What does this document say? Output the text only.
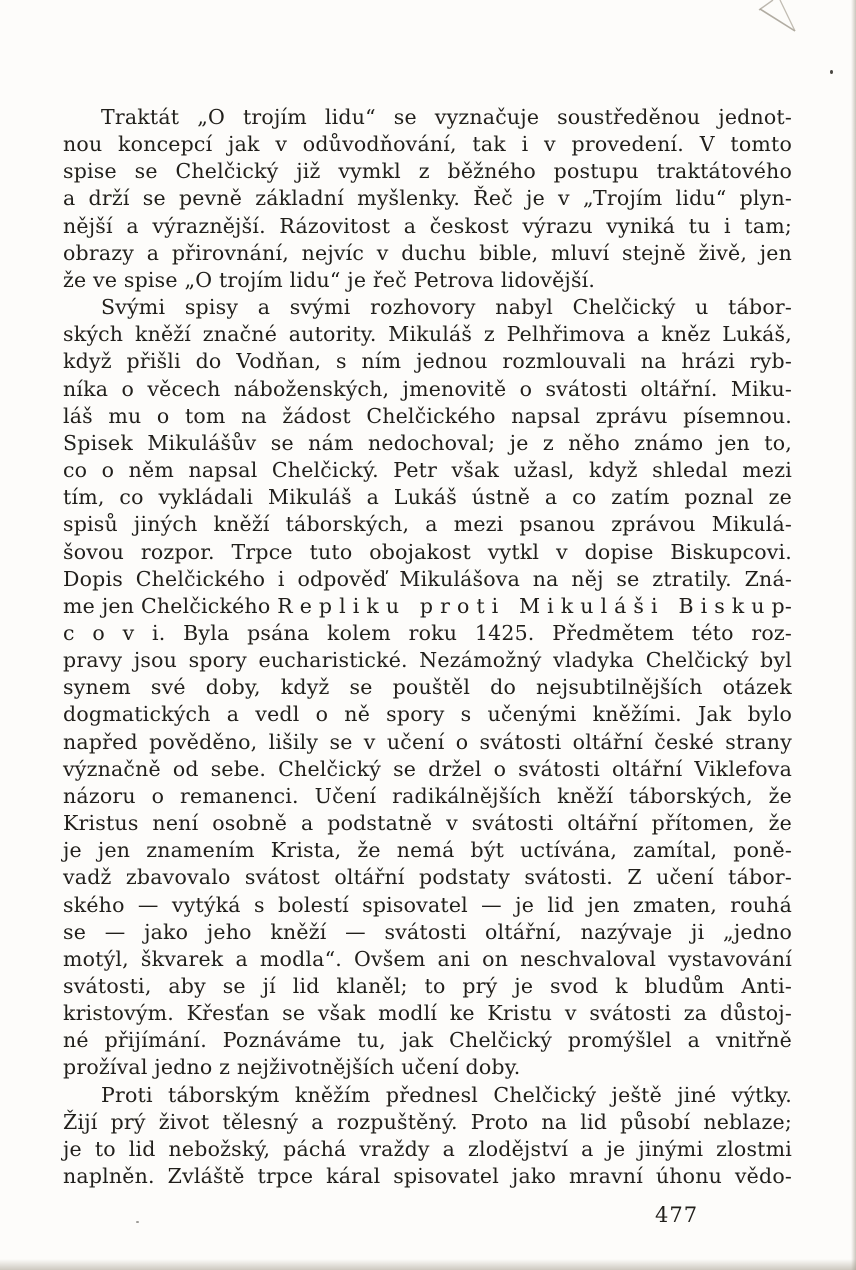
Traktát „O trojím lidu“ se vyznačuje soustředěnou jednot-
nou koncepcí jak v odůvodňování, tak i v provedení. V tomto
spise se Chelčický již vymkl z běžného postupu traktátového
a drží se pevně základní myšlenky. Řeč je v „Trojím lidu“ plyn-
nější a výraznější. Rázovitost a českost výrazu vyniká tu i tam;
obrazy a přirovnání, nejvíc v duchu bible, mluví stejně živě, jen
že ve spise „O trojím lidu“ je řeč Petrova lidovější.
Svými spisy a svými rozhovory nabyl Chelčický u tábor-
ských kněží značné autority. Mikuláš z Pelhřimova a kněz Lukáš,
když přišli do Vodňan, s ním jednou rozmlouvali na hrázi ryb-
níka o věcech náboženských, jmenovitě o svátosti oltářní. Miku-
láš mu o tom na žádost Chelčického napsal zprávu písemnou.
Spisek Mikulášův se nám nedochoval; je z něho známo jen to,
co o něm napsal Chelčický. Petr však užasl, když shledal mezi
tím, co vykládali Mikuláš a Lukáš ústně a co zatím poznal ze
spisů jiných kněží táborských, a mezi psanou zprávou Mikulá-
šovou rozpor. Trpce tuto obojakost vytkl v dopise Biskupcovi.
Dopis Chelčického i odpověď Mikulášova na něj se ztratily. Zná-
me jen Chelčického R e p l i k u p r o t i M i k u l á š i B i s k u p-
c o v i. Byla psána kolem roku 1425. Předmětem této roz-
pravy jsou spory eucharistické. Nezámožný vladyka Chelčický byl
synem své doby, když se pouštěl do nejsubtilnějších otázek
dogmatických a vedl o ně spory s učenými kněžími. Jak bylo
napřed pověděno, lišily se v učení o svátosti oltářní české strany
význačně od sebe. Chelčický se držel o svátosti oltářní Viklefova
názoru o remanenci. Učení radikálnějších kněží táborských, že
Kristus není osobně a podstatně v svátosti oltářní přítomen, že
je jen znamením Krista, že nemá být uctívána, zamítal, poně-
vadž zbavovalo svátost oltářní podstaty svátosti. Z učení tábor-
ského — vytýká s bolestí spisovatel — je lid jen zmaten, rouhá
se — jako jeho kněží — svátosti oltářní, nazývaje ji „jedno
motýl, škvarek a modla“. Ovšem ani on neschvaloval vystavování
svátosti, aby se jí lid klaněl; to prý je svod k bludům Anti-
kristovým. Křesťan se však modlí ke Kristu v svátosti za důstoj-
né přijímání. Poznáváme tu, jak Chelčický promýšlel a vnitřně
prožíval jedno z nejživotnějších učení doby.
Proti táborským kněžím přednesl Chelčický ještě jiné výtky.
Žijí prý život tělesný a rozpuštěný. Proto na lid působí neblaze;
je to lid nebožský, páchá vraždy a zlodějství a je jinými zlostmi
naplněn. Zvláště trpce káral spisovatel jako mravní úhonu vědo-
477
